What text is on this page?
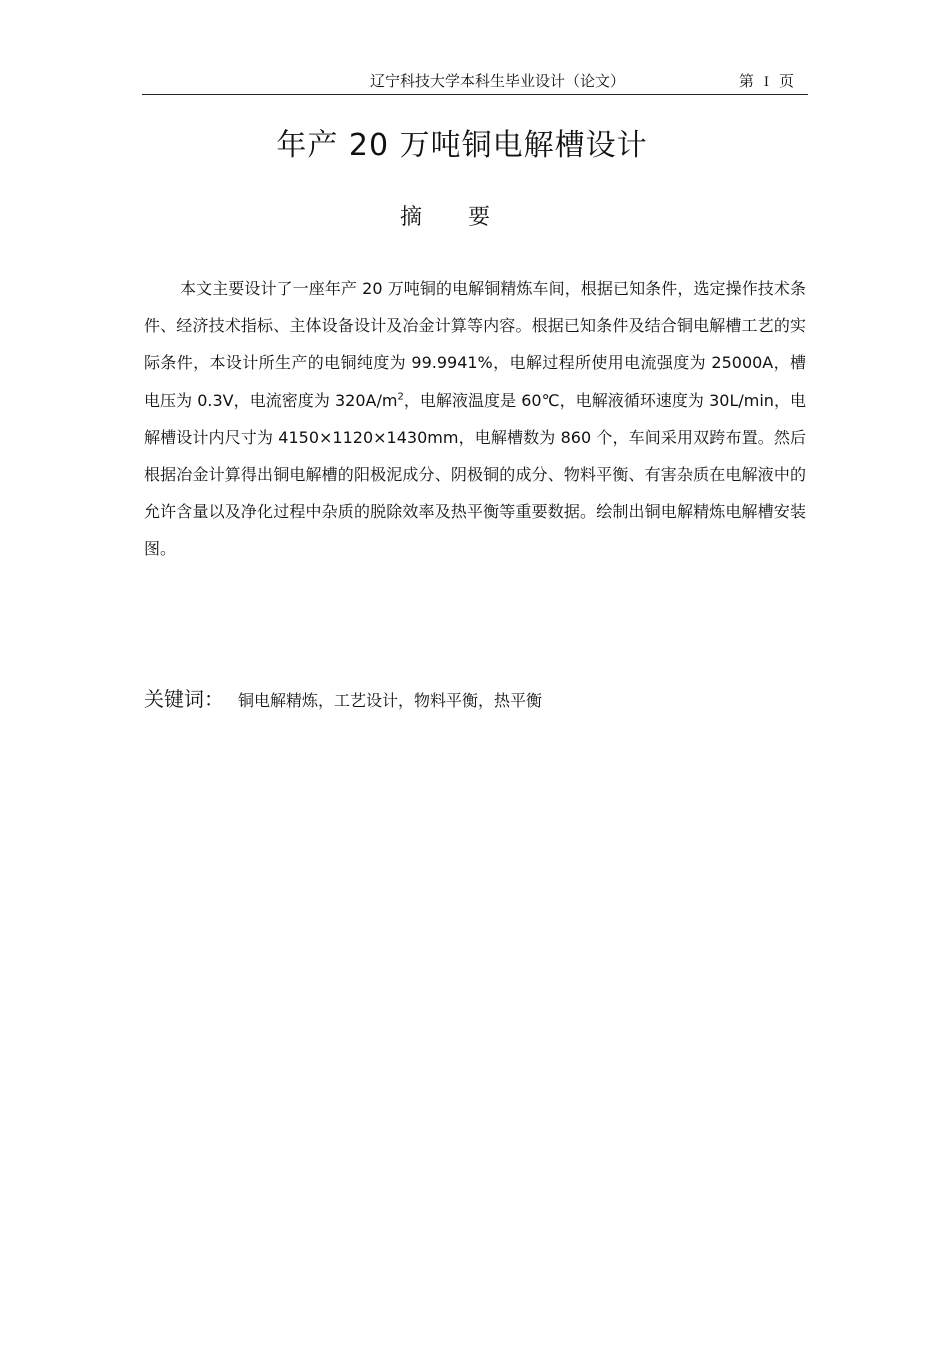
辽宁科技大学本科生毕业设计（论文）	第 I 页
年产 20 万吨铜电解槽设计
摘要

本文主要设计了一座年产 20 万吨铜的电解铜精炼车间，根据已知条件，选定操作技术条件、经济技术指标、主体设备设计及冶金计算等内容。根据已知条件及结合铜电解槽工艺的实际条件，本设计所生产的电铜纯度为 99.9941%，电解过程所使用电流强度为 25000A，槽电压为 0.3V，电流密度为 $320A/m^2$，电解液温度是 60℃，电解液循环速度为 30L/min，电解槽设计内尺寸为 4150×1120×1430mm，电解槽数为 860 个，车间采用双跨布置。然后根据冶金计算得出铜电解槽的阳极泥成分、阴极铜的成分、物料平衡、有害杂质在电解液中的允许含量以及净化过程中杂质的脱除效率及热平衡等重要数据。绘制出铜电解精炼电解槽安装图。

关键词： 铜电解精炼，工艺设计，物料平衡，热平衡
